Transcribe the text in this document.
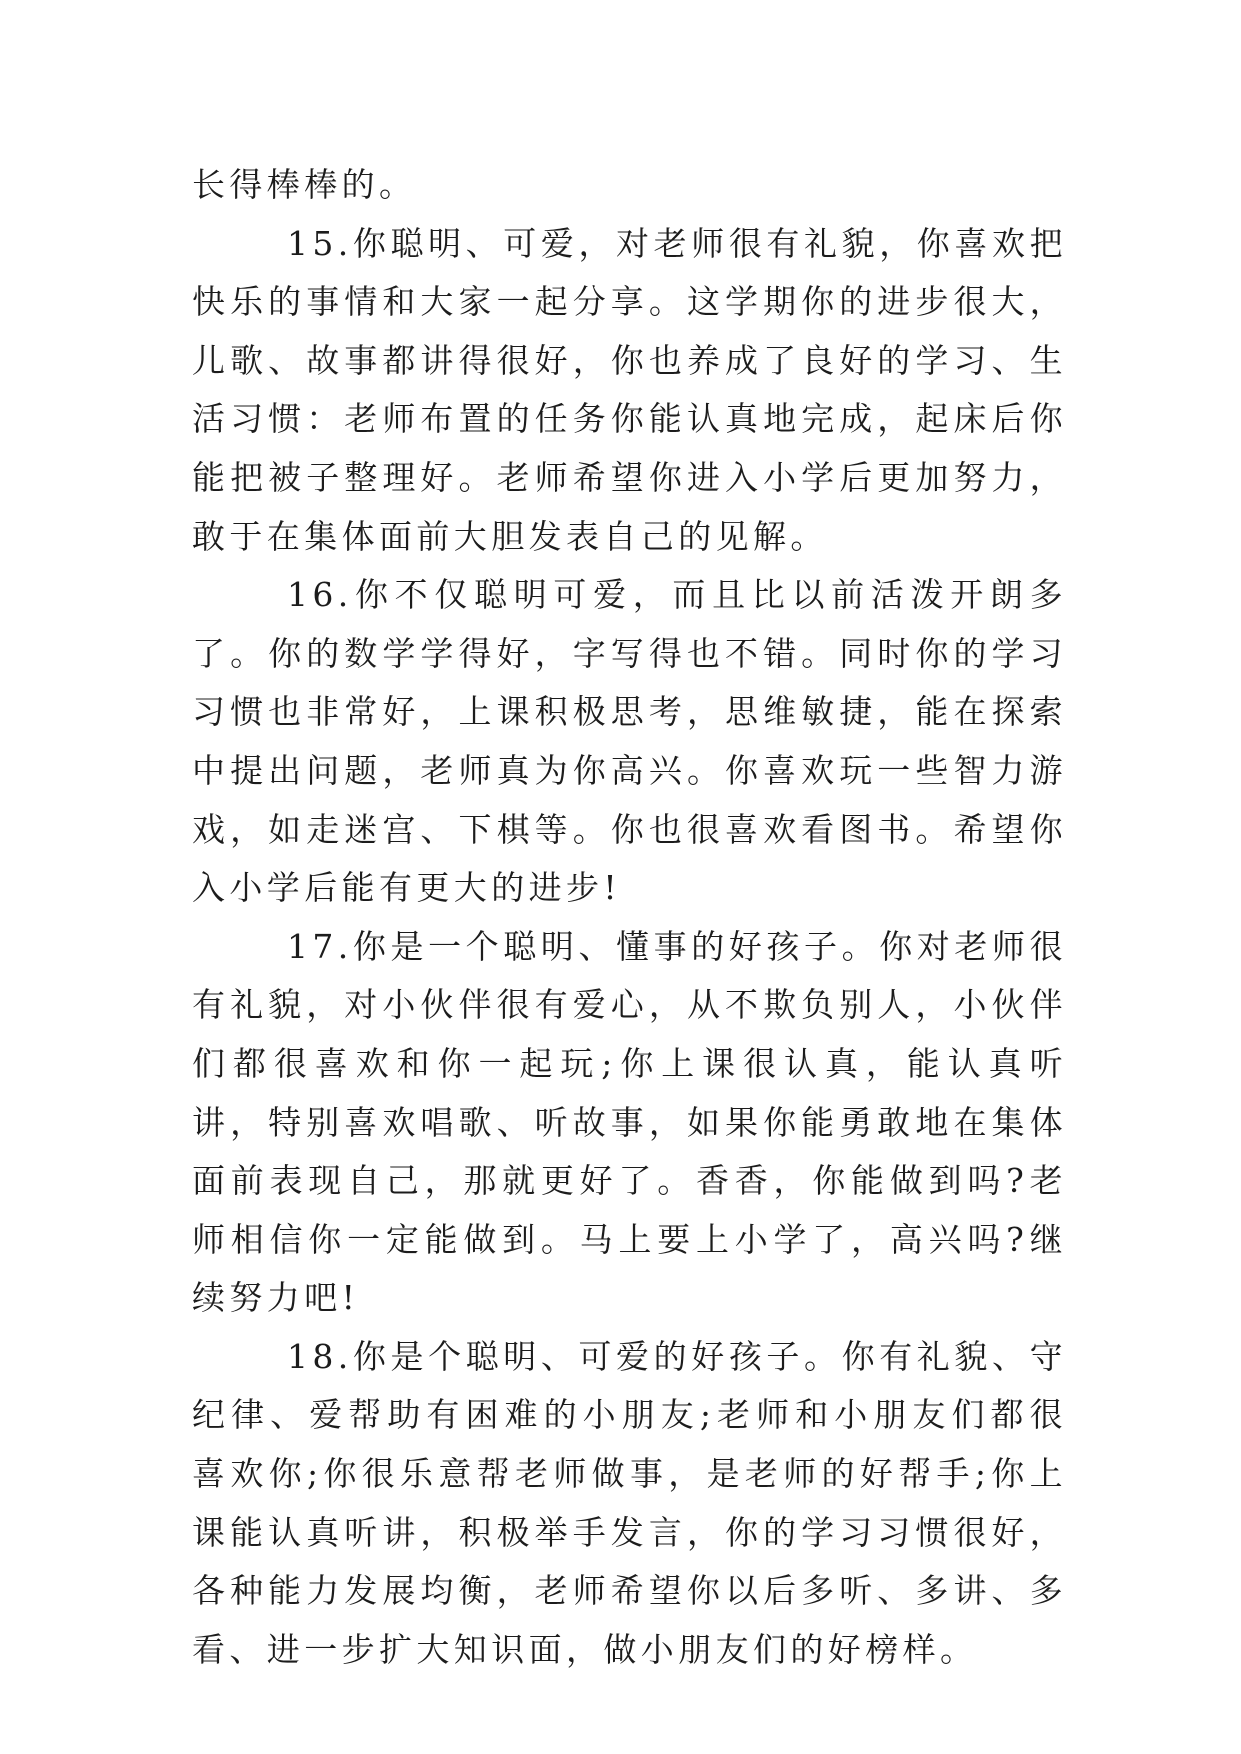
长得棒棒的。

15.你聪明、可爱，对老师很有礼貌，你喜欢把快乐的事情和大家一起分享。这学期你的进步很大，儿歌、故事都讲得很好，你也养成了良好的学习、生活习惯：老师布置的任务你能认真地完成，起床后你能把被子整理好。老师希望你进入小学后更加努力，敢于在集体面前大胆发表自己的见解。

16.你不仅聪明可爱，而且比以前活泼开朗多了。你的数学学得好，字写得也不错。同时你的学习习惯也非常好，上课积极思考，思维敏捷，能在探索中提出问题，老师真为你高兴。你喜欢玩一些智力游戏，如走迷宫、下棋等。你也很喜欢看图书。希望你入小学后能有更大的进步!

17.你是一个聪明、懂事的好孩子。你对老师很有礼貌，对小伙伴很有爱心，从不欺负别人，小伙伴们都很喜欢和你一起玩;你上课很认真，能认真听讲，特别喜欢唱歌、听故事，如果你能勇敢地在集体面前表现自己，那就更好了。香香，你能做到吗?老师相信你一定能做到。马上要上小学了，高兴吗?继续努力吧!

18.你是个聪明、可爱的好孩子。你有礼貌、守纪律、爱帮助有困难的小朋友;老师和小朋友们都很喜欢你;你很乐意帮老师做事，是老师的好帮手;你上课能认真听讲，积极举手发言，你的学习习惯很好，各种能力发展均衡，老师希望你以后多听、多讲、多看、进一步扩大知识面，做小朋友们的好榜样。
